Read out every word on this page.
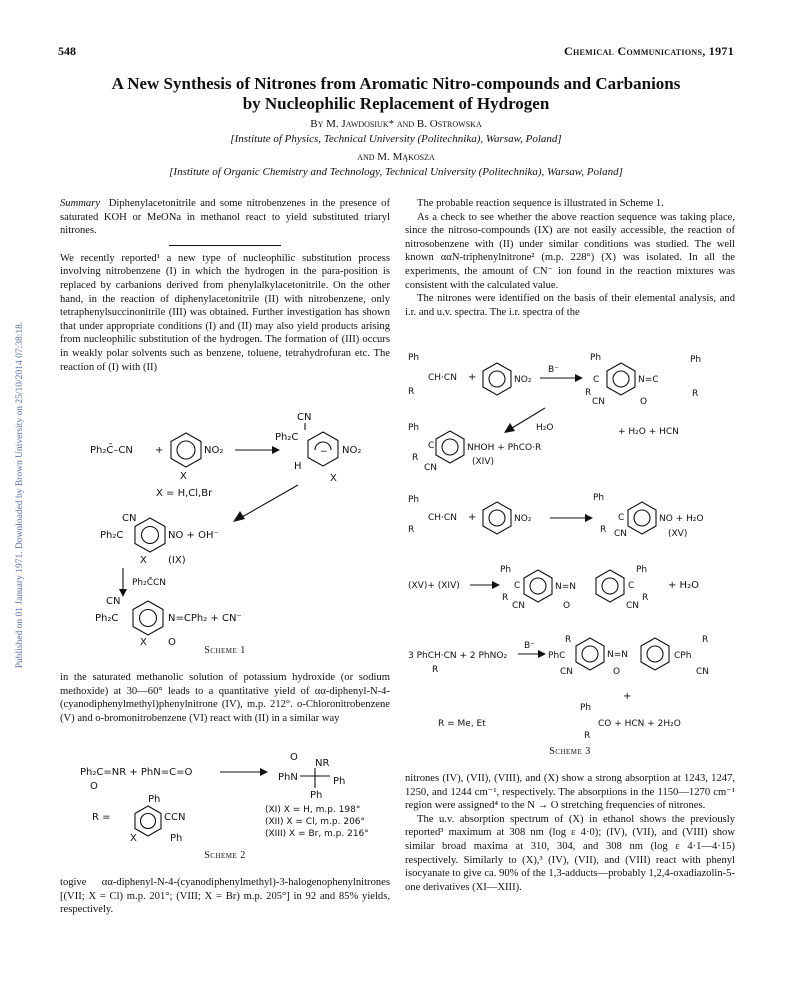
548	Chemical Communications, 1971
Published on 01 January 1971. Downloaded by Brown University on 25/10/2014 07:38:18.
A New Synthesis of Nitrones from Aromatic Nitro-compounds and Carbanions
by Nucleophilic Replacement of Hydrogen
By M. Jawdosiuk* and B. Ostrowska
[Institute of Physics, Technical University (Politechnika), Warsaw, Poland]
and M. Mąkosza
[Institute of Organic Chemistry and Technology, Technical University (Politechnika), Warsaw, Poland]

Summary Diphenylacetonitrile and some nitrobenzenes in the presence of saturated KOH or MeONa in methanol react to yield substituted triaryl nitrones.

We recently reported¹ a new type of nucleophilic substitution process involving nitrobenzene (I) in which the hydrogen in the para-position is replaced by carbanions derived from phenylalkylacetonitrile. On the other hand, in the reaction of diphenylacetonitrile (II) with nitrobenzene, only tetraphenylsuccinonitrile (III) was obtained. Further investigation has shown that under appropriate conditions (I) and (II) may also yield products arising from nucleophilic substitution of the hydrogen. The formation of (III) occurs in weakly polar solvents such as benzene, toluene, tetrahydrofuran etc. The reaction of (I) with (II)

Ph₂C̄–CN +	NO₂
X
X = H,Cl,Br
CN
Ph₂C
− NO₂
H
X
CN
Ph₂C	NO + OH⁻
X (IX)
Ph₂C̄CN
CN
Ph₂C	N=CPh₂ + CN⁻
X O
Scheme 1

in the saturated methanolic solution of potassium hydroxide (or sodium methoxide) at 30—60° leads to a quantitative yield of αα-diphenyl-N-4-(cyanodiphenylmethyl)phenylnitrone (IV), m.p. 212°. o-Chloronitrobenzene (V) and o-bromonitrobenzene (VI) react with (II) in a similar way

Ph₂C=NR + PhN=C=O
O
O
NR
PhN	Ph
Ph
R =
Ph
CCN
X	Ph
(XI) X = H, m.p. 198°
(XII) X = Cl, m.p. 206°
(XIII) X = Br, m.p. 216°
Scheme 2

togive αα-diphenyl-N-4-(cyanodiphenylmethyl)-3-halogenophenylnitrones [(VII; X = Cl) m.p. 201°; (VIII; X = Br) m.p. 205°] in 92 and 85% yields, respectively.

The probable reaction sequence is illustrated in Scheme 1.

As a check to see whether the above reaction sequence was taking place, since the nitroso-compounds (IX) are not easily accessible, the reaction of nitrosobenzene with (II) under similar conditions was studied. The well known ααN-triphenylnitrone² (m.p. 228°) (X) was isolated. In all the experiments, the amount of CN⁻ ion found in the reaction mixtures was consistent with the calculated value.

The nitrones were identified on the basis of their elemental analysis, and i.r. and u.v. spectra. The i.r. spectra of the

Ph
CH·CN
R
+	NO₂
B⁻
Ph
C
R
CN
N=C
O
Ph
R
+ H₂O + HCN
H₂O
Ph
C
R
CN
NHOH + PhCO·R
(XIV)
Ph
CH·CN
R
+	NO₂
Ph
C
R CN
NO + H₂O
(XV)
(XV)+ (XIV)
Ph
C
R
CN
N=N
O
C
Ph
R
CN
+ H₂O
3 PhCH·CN + 2 PhNO₂
R
B⁻
R
PhC
CN
N=N
O
R
CPh
CN
+
Ph
CO + HCN + 2H₂O
R
R = Me, Et
Scheme 3

nitrones (IV), (VII), (VIII), and (X) show a strong absorption at 1243, 1247, 1250, and 1244 cm⁻¹, respectively. The absorptions in the 1150—1270 cm⁻¹ region were assigned⁴ to the N → O stretching frequencies of nitrones.

The u.v. absorption spectrum of (X) in ethanol shows the previously reported³ maximum at 308 nm (log ε 4·0); (IV), (VII), and (VIII) show similar broad maxima at 310, 304, and 308 nm (log ε 4·1—4·15) respectively. Similarly to (X),³ (IV), (VII), and (VIII) react with phenyl isocyanate to give ca. 90% of the 1,3-adducts—probably 1,2,4-oxadiazolin-5-one derivatives (XI—XIII).
